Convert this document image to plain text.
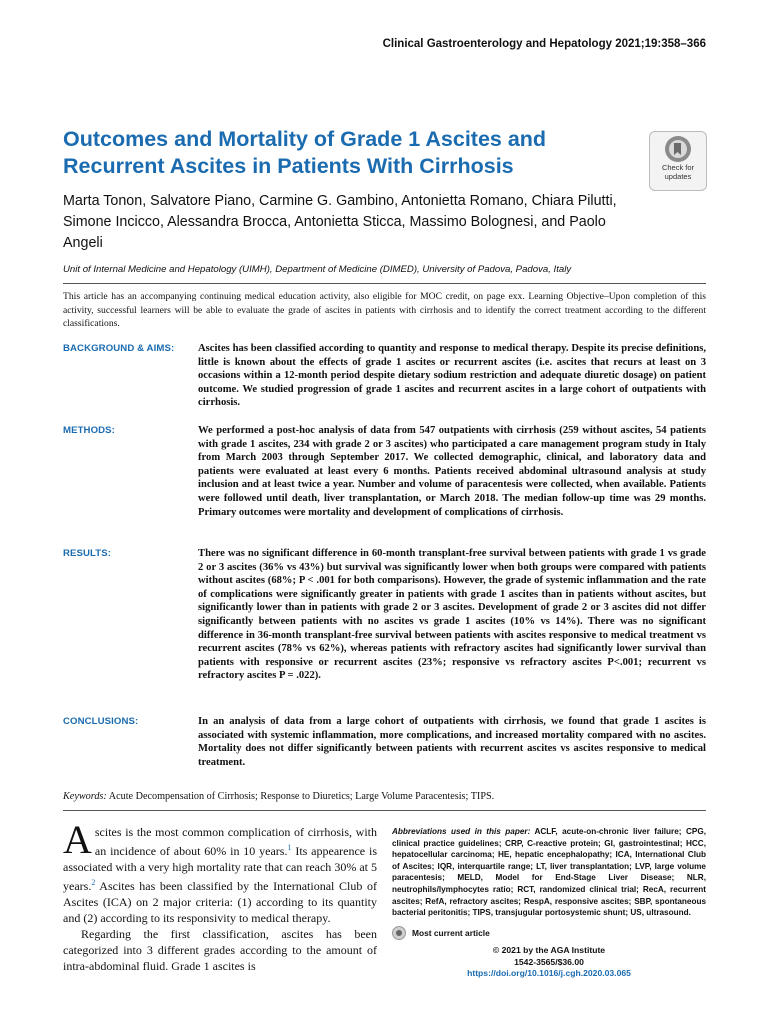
Clinical Gastroenterology and Hepatology 2021;19:358–366
Outcomes and Mortality of Grade 1 Ascites and Recurrent Ascites in Patients With Cirrhosis	Check for
updates
Marta Tonon, Salvatore Piano, Carmine G. Gambino, Antonietta Romano, Chiara Pilutti, Simone Incicco, Alessandra Brocca, Antonietta Sticca, Massimo Bolognesi, and Paolo Angeli
Unit of Internal Medicine and Hepatology (UIMH), Department of Medicine (DIMED), University of Padova, Padova, Italy
This article has an accompanying continuing medical education activity, also eligible for MOC credit, on page exx. Learning Objective–Upon completion of this activity, successful learners will be able to evaluate the grade of ascites in patients with cirrhosis and to identify the correct treatment according to the different classifications.
BACKGROUND & AIMS: Ascites has been classified according to quantity and response to medical therapy. Despite its precise definitions, little is known about the effects of grade 1 ascites or recurrent ascites (i.e. ascites that recurs at least on 3 occasions within a 12-month period despite dietary sodium restriction and adequate diuretic dosage) on patient outcome. We studied progression of grade 1 ascites and recurrent ascites in a large cohort of outpatients with cirrhosis.
METHODS:	We performed a post-hoc analysis of data from 547 outpatients with cirrhosis (259 without ascites, 54 patients with grade 1 ascites, 234 with grade 2 or 3 ascites) who participated a care management program study in Italy from March 2003 through September 2017. We collected demographic, clinical, and laboratory data and patients were evaluated at least every 6 months. Patients received abdominal ultrasound analysis at study inclusion and at least twice a year. Number and volume of paracentesis were collected, when available. Patients were followed until death, liver transplantation, or March 2018. The median follow-up time was 29 months. Primary outcomes were mortality and development of complications of cirrhosis.
RESULTS:	There was no significant difference in 60-month transplant-free survival between patients with grade 1 vs grade 2 or 3 ascites (36% vs 43%) but survival was significantly lower when both groups were compared with patients without ascites (68%; P < .001 for both comparisons). However, the grade of systemic inflammation and the rate of complications were significantly greater in patients with grade 1 ascites than in patients without ascites, but significantly lower than in patients with grade 2 or 3 ascites. Development of grade 2 or 3 ascites did not differ significantly between patients with no ascites vs grade 1 ascites (10% vs 14%). There was no significant difference in 36-month transplant-free survival between patients with ascites responsive to medical treatment vs recurrent ascites (78% vs 62%), whereas patients with refractory ascites had significantly lower survival than patients with responsive or recurrent ascites (23%; responsive vs refractory ascites P<.001; recurrent vs refractory ascites P = .022).
CONCLUSIONS:	In an analysis of data from a large cohort of outpatients with cirrhosis, we found that grade 1 ascites is associated with systemic inflammation, more complications, and increased mortality compared with no ascites. Mortality does not differ significantly between patients with recurrent ascites vs ascites responsive to medical treatment.
Keywords: Acute Decompensation of Cirrhosis; Response to Diuretics; Large Volume Paracentesis; TIPS.

Ascites is the most common complication of cirrhosis, with an incidence of about 60% in 10 years.$^1$ Its appearence is associated with a very high mortality rate that can reach 30% at 5 years.$^2$ Ascites has been classified by the International Club of Ascites (ICA) on 2 major criteria: (1) according to its quantity and (2) according to its responsivity to medical therapy.

Regarding the first classification, ascites has been categorized into 3 different grades according to the amount of intra-abdominal fluid. Grade 1 ascites is

Abbreviations used in this paper: ACLF, acute-on-chronic liver failure; CPG, clinical practice guidelines; CRP, C-reactive protein; GI, gastrointestinal; HCC, hepatocellular carcinoma; HE, hepatic encephalopathy; ICA, International Club of Ascites; IQR, interquartile range; LT, liver transplantation; LVP, large volume paracentesis; MELD, Model for End-Stage Liver Disease; NLR, neutrophils/lymphocytes ratio; RCT, randomized clinical trial; RecA, recurrent ascites; RefA, refractory ascites; RespA, responsive ascites; SBP, spontaneous bacterial peritonitis; TIPS, transjugular portosystemic shunt; US, ultrasound.
Most current article
© 2021 by the AGA Institute
1542-3565/$36.00
https://doi.org/10.1016/j.cgh.2020.03.065
